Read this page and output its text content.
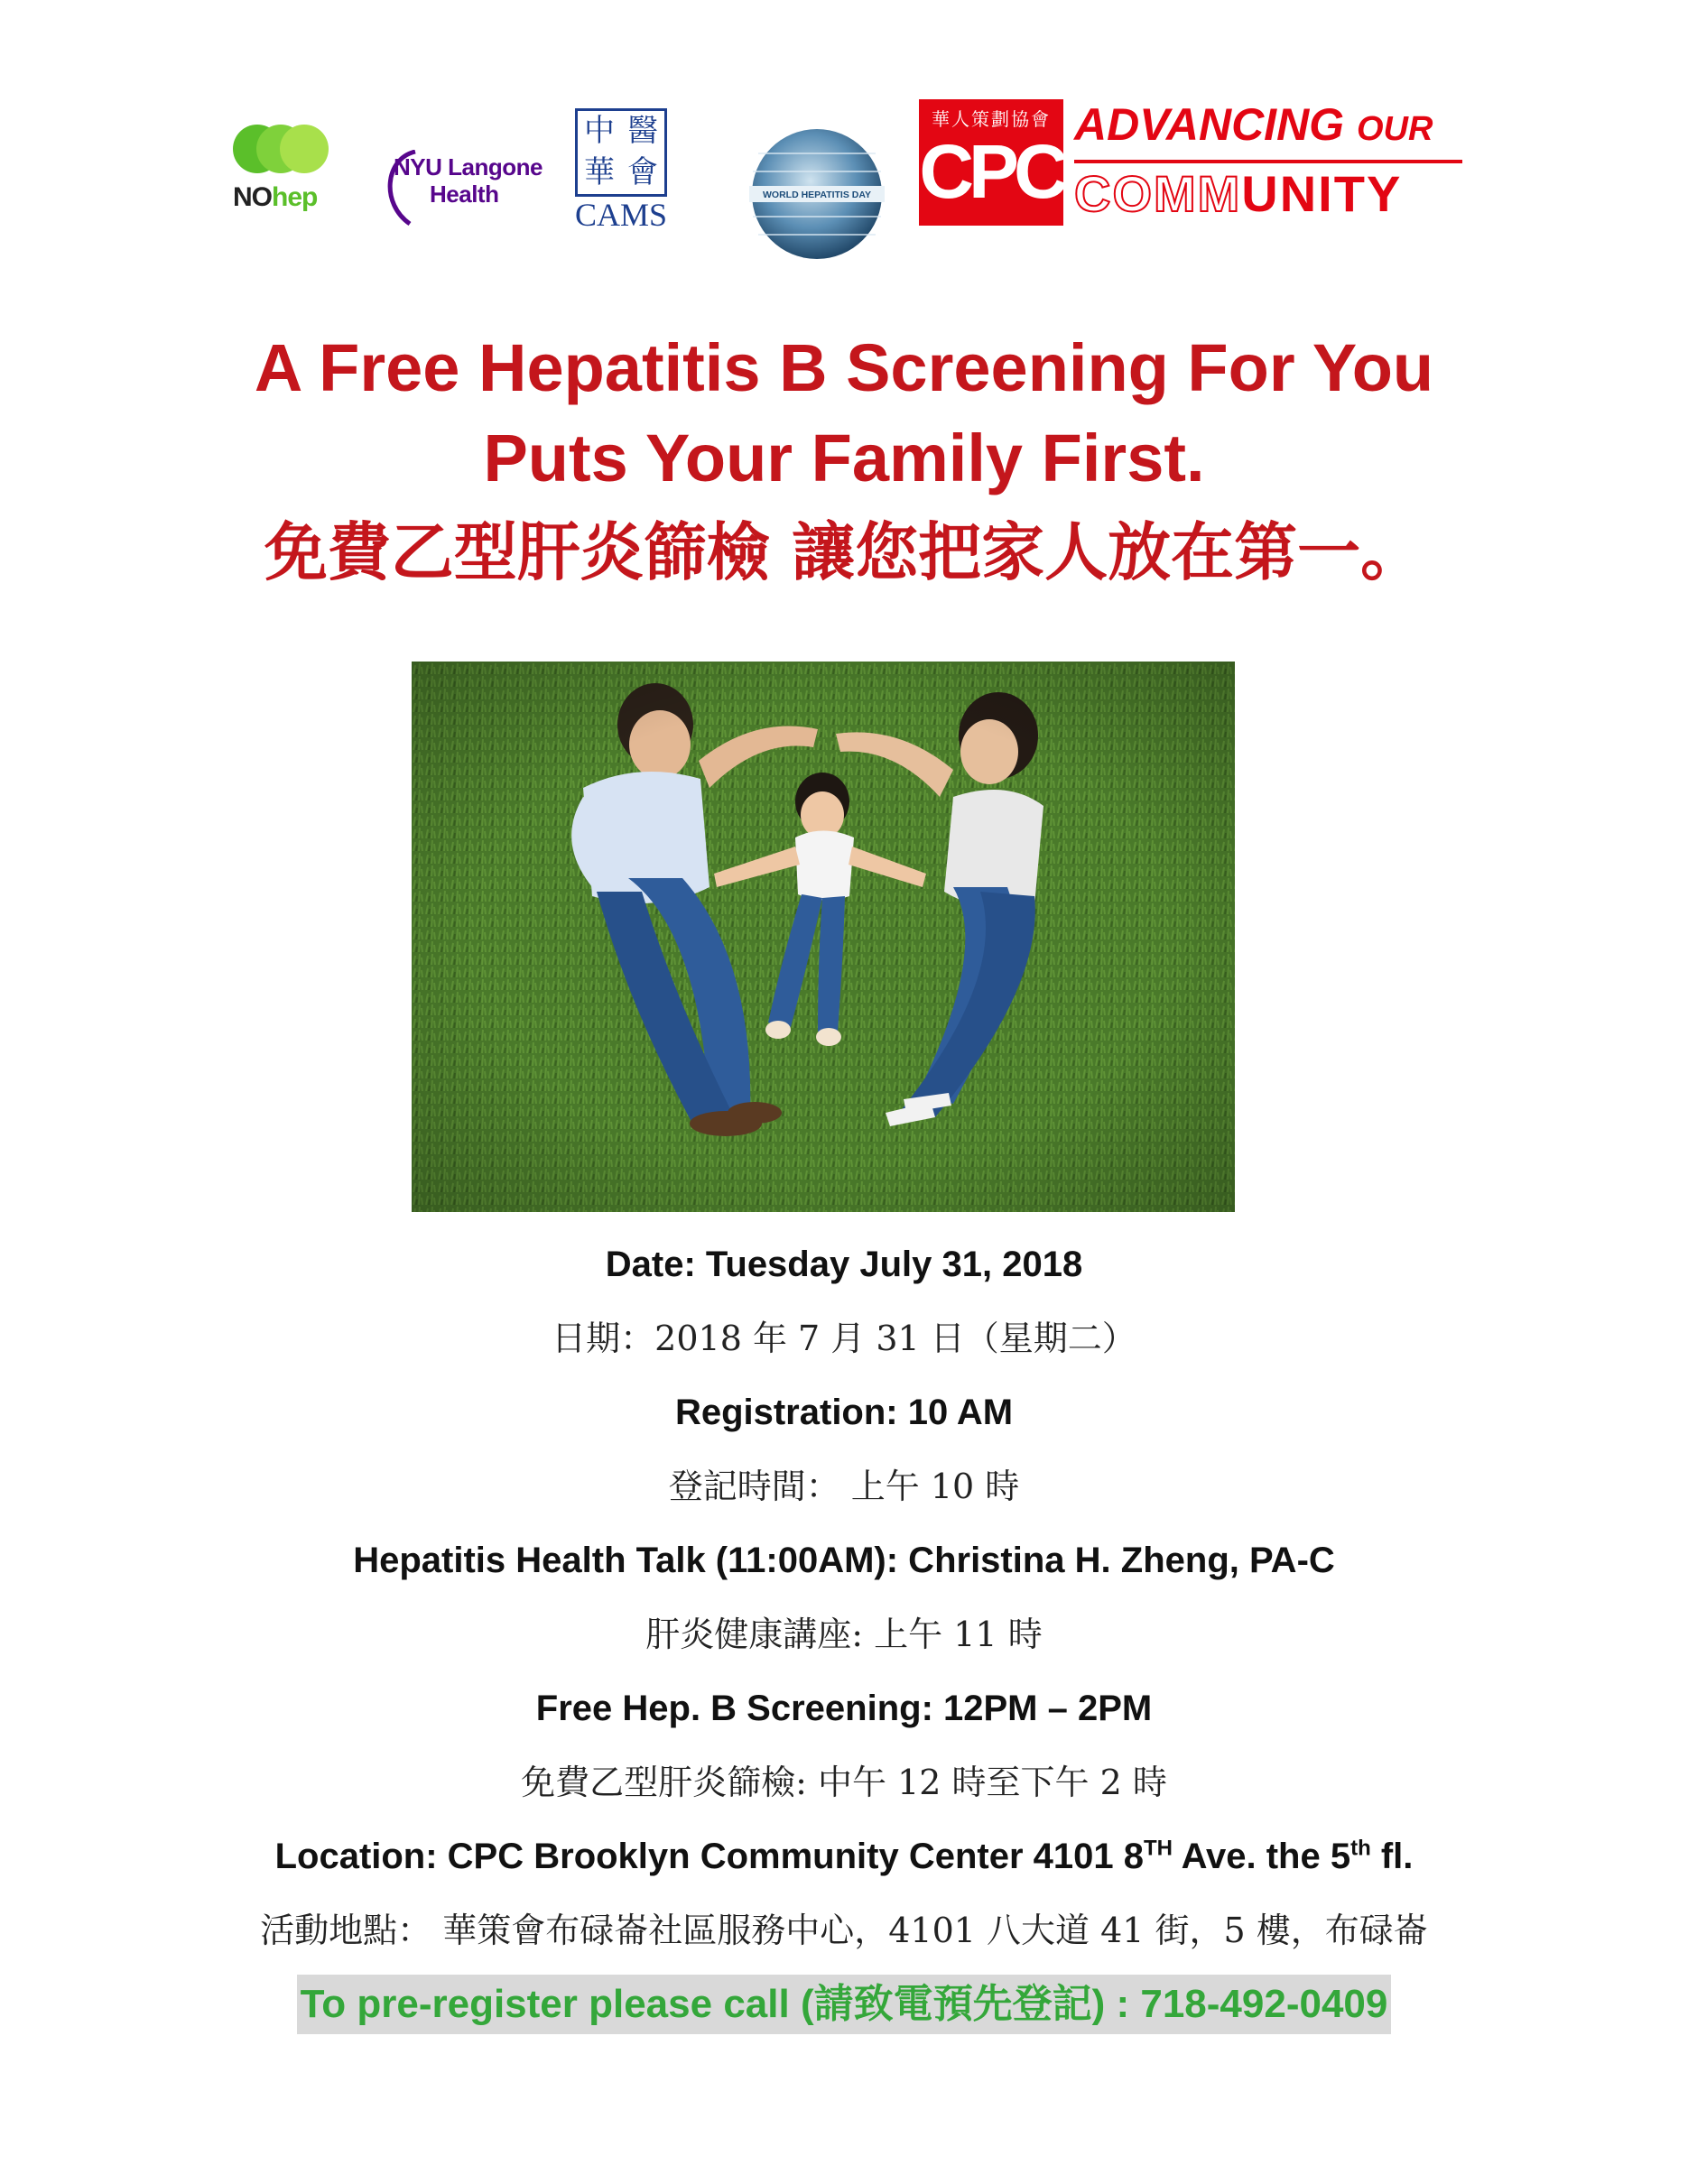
NOhep
NYU Langone
Health
中 醫
華 會
CAMS
WORLD HEPATITIS DAY
華人策劃協會
CPC
ADVANCING OUR
COMMUNITY
A Free Hepatitis B Screening For You
Puts Your Family First.
免費乙型肝炎篩檢 讓您把家人放在第一。
Date: Tuesday July 31, 2018
日期：2018 年 7 月 31 日（星期二）
Registration: 10 AM
登記時間： 上午 10 時
Hepatitis Health Talk (11:00AM): Christina H. Zheng, PA-C
肝炎健康講座: 上午 11 時
Free Hep. B Screening: 12PM – 2PM
免費乙型肝炎篩檢: 中午 12 時至下午 2 時
Location: CPC Brooklyn Community Center 4101 8TH Ave. the 5th fl.
活動地點： 華策會布碌崙社區服務中心，4101 八大道 41 街，5 樓，布碌崙
To pre-register please call (請致電預先登記) : 718-492-0409
